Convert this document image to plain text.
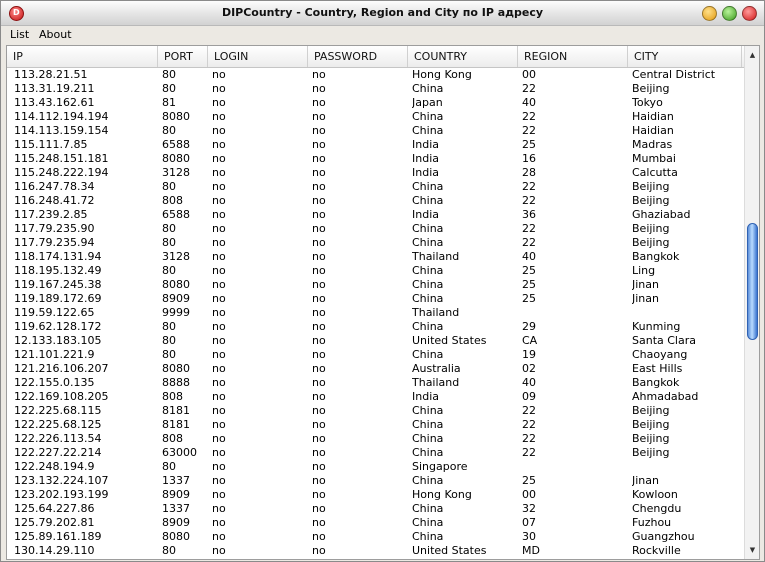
D	DIPCountry - Country, Region and City по IP адресу
List About
IP	PORT	LOGIN	PASSWORD	COUNTRY	REGION	CITY
113.28.21.51	80	no	no	Hong Kong	00	Central District
113.31.19.211	80	no	no	China	22	Beijing
113.43.162.61	81	no	no	Japan	40	Tokyo
114.112.194.194	8080	no	no	China	22	Haidian
114.113.159.154	80	no	no	China	22	Haidian
115.111.7.85	6588	no	no	India	25	Madras
115.248.151.181	8080	no	no	India	16	Mumbai
115.248.222.194	3128	no	no	India	28	Calcutta
116.247.78.34	80	no	no	China	22	Beijing
116.248.41.72	808	no	no	China	22	Beijing
117.239.2.85	6588	no	no	India	36	Ghaziabad
117.79.235.90	80	no	no	China	22	Beijing
117.79.235.94	80	no	no	China	22	Beijing
118.174.131.94	3128	no	no	Thailand	40	Bangkok
118.195.132.49	80	no	no	China	25	Ling
119.167.245.38	8080	no	no	China	25	Jinan
119.189.172.69	8909	no	no	China	25	Jinan
119.59.122.65	9999	no	no	Thailand
119.62.128.172	80	no	no	China	29	Kunming
12.133.183.105	80	no	no	United States	CA	Santa Clara
121.101.221.9	80	no	no	China	19	Chaoyang
121.216.106.207	8080	no	no	Australia	02	East Hills
122.155.0.135	8888	no	no	Thailand	40	Bangkok
122.169.108.205	808	no	no	India	09	Ahmadabad
122.225.68.115	8181	no	no	China	22	Beijing
122.225.68.125	8181	no	no	China	22	Beijing
122.226.113.54	808	no	no	China	22	Beijing
122.227.22.214	63000	no	no	China	22	Beijing
122.248.194.9	80	no	no	Singapore
123.132.224.107	1337	no	no	China	25	Jinan
123.202.193.199	8909	no	no	Hong Kong	00	Kowloon
125.64.227.86	1337	no	no	China	32	Chengdu
125.79.202.81	8909	no	no	China	07	Fuzhou
125.89.161.189	8080	no	no	China	30	Guangzhou
130.14.29.110	80	no	no	United States	MD	Rockville
▲
▼
